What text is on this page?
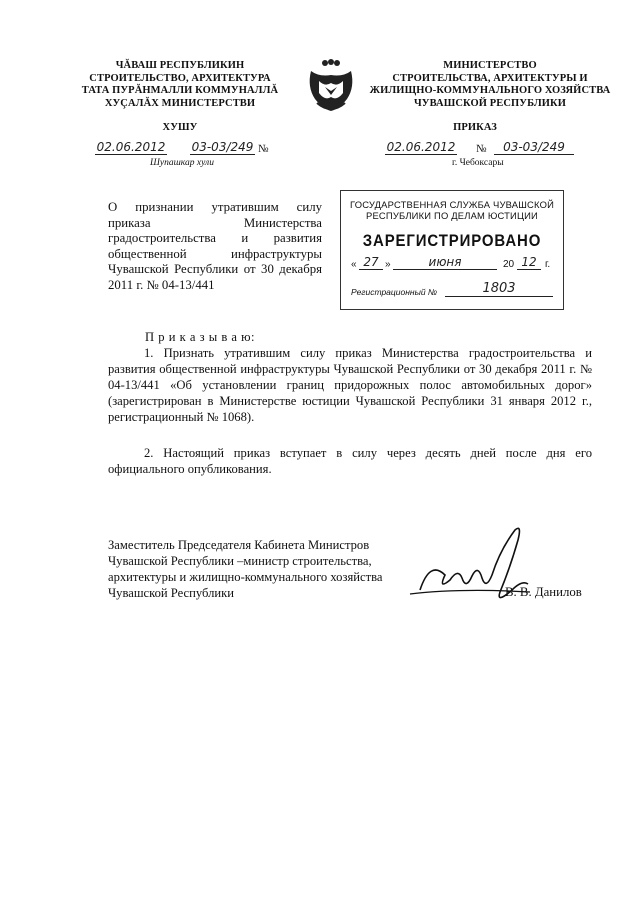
ЧĂВАШ РЕСПУБЛИКИН
СТРОИТЕЛЬСТВО, АРХИТЕКТУРА
ТАТА ПУРĂНМАЛЛИ КОММУНАЛЛĂ
ХУÇАЛĂХ МИНИСТЕРСТВИ
МИНИСТЕРСТВО
СТРОИТЕЛЬСТВА, АРХИТЕКТУРЫ И
ЖИЛИЩНО-КОММУНАЛЬНОГО ХОЗЯЙСТВА
ЧУВАШСКОЙ РЕСПУБЛИКИ
ХУШУ	ПРИКАЗ
02.06.2012 03-03/249 №
Шупашкар хули
02.06.2012 №	03-03/249
г. Чебоксары
О признании утратившим силу приказа Министерства градостроительства и развития общественной инфраструктуры Чувашской Республики от 30 декабря 2011 г. № 04-13/441
ГОСУДАРСТВЕННАЯ СЛУЖБА ЧУВАШСКОЙ
РЕСПУБЛИКИ ПО ДЕЛАМ ЮСТИЦИИ
ЗАРЕГИСТРИРОВАНО
« 27 »	июня	20 12 г.
Регистрационный №	1803
П р и к а з ы в а ю:
1. Признать утратившим силу приказ Министерства градостроительства и развития общественной инфраструктуры Чувашской Республики от 30 декабря 2011 г. № 04-13/441 «Об установлении границ придорожных полос автомобильных дорог» (зарегистрирован в Министерстве юстиции Чувашской Республики 31 января 2012 г., регистрационный № 1068).
2. Настоящий приказ вступает в силу через десять дней после дня его официального опубликования.
Заместитель Председателя Кабинета Министров
Чувашской Республики –министр строительства,
архитектуры и жилищно-коммунального хозяйства
Чувашской Республики	В. В. Данилов
